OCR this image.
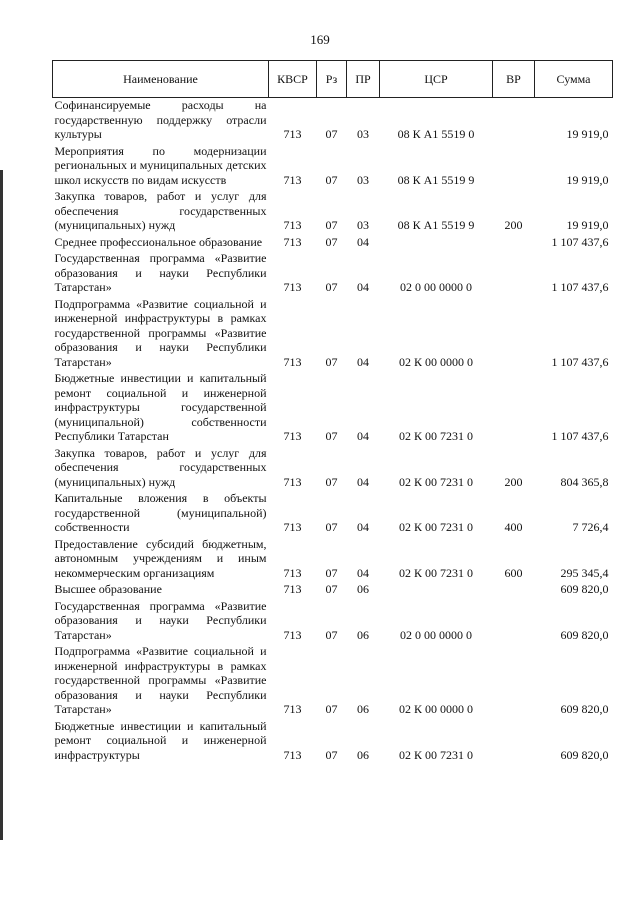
169
Наименование	КВСР	Рз	ПР	ЦСР	ВР	Сумма
Софинансируемые расходы на государственную поддержку отрасли культуры	713	07	03	08 К А1 5519 0		19 919,0
Мероприятия по модернизации региональных и муниципальных детских школ искусств по видам искусств	713	07	03	08 К А1 5519 9		19 919,0
Закупка товаров, работ и услуг для обеспечения государственных (муниципальных) нужд	713	07	03	08 К А1 5519 9	200	19 919,0
Среднее профессиональное образование	713	07	04			1 107 437,6
Государственная программа «Развитие образования и науки Республики Татарстан»	713	07	04	02 0 00 0000 0		1 107 437,6
Подпрограмма «Развитие социальной и инженерной инфраструктуры в рамках государственной программы «Развитие образования и науки Республики Татарстан»	713	07	04	02 К 00 0000 0		1 107 437,6
Бюджетные инвестиции и капитальный ремонт социальной и инженерной инфраструктуры государственной (муниципальной) собственности Республики Татарстан	713	07	04	02 К 00 7231 0		1 107 437,6
Закупка товаров, работ и услуг для обеспечения государственных (муниципальных) нужд	713	07	04	02 К 00 7231 0	200	804 365,8
Капитальные вложения в объекты государственной (муниципальной) собственности	713	07	04	02 К 00 7231 0	400	7 726,4
Предоставление субсидий бюджетным, автономным учреждениям и иным некоммерческим организациям	713	07	04	02 К 00 7231 0	600	295 345,4
Высшее образование	713	07	06			609 820,0
Государственная программа «Развитие образования и науки Республики Татарстан»	713	07	06	02 0 00 0000 0		609 820,0
Подпрограмма «Развитие социальной и инженерной инфраструктуры в рамках государственной программы «Развитие образования и науки Республики Татарстан»	713	07	06	02 К 00 0000 0		609 820,0
Бюджетные инвестиции и капитальный ремонт социальной и инженерной инфраструктуры	713	07	06	02 К 00 7231 0		609 820,0
